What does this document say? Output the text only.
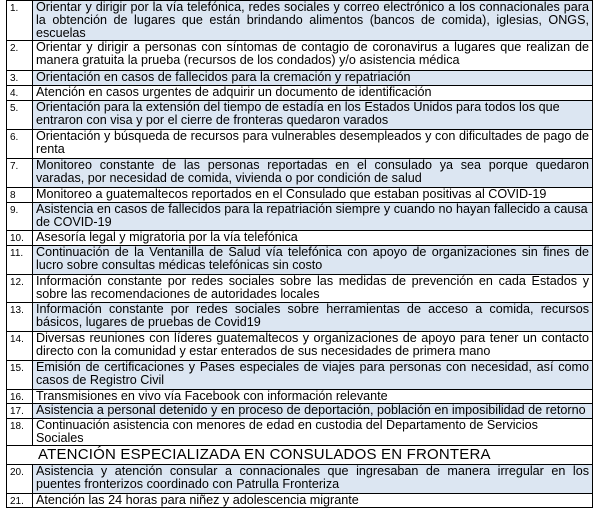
1.	Orientar y dirigir por la vía telefónica, redes sociales y correo electrónico a los connacionales para la obtención de lugares que están brindando alimentos (bancos de comida), iglesias, ONGS, escuelas
2.	Orientar y dirigir a personas con síntomas de contagio de coronavirus a lugares que realizan de manera gratuita la prueba (recursos de los condados) y/o asistencia médica
3.	Orientación en casos de fallecidos para la cremación y repatriación
4.	Atención en casos urgentes de adquirir un documento de identificación
5.	Orientación para la extensión del tiempo de estadía en los Estados Unidos para todos los que entraron con visa y por el cierre de fronteras quedaron varados
6.	Orientación y búsqueda de recursos para vulnerables desempleados y con dificultades de pago de renta
7.	Monitoreo constante de las personas reportadas en el consulado ya sea porque quedaron varadas, por necesidad de comida, vivienda o por condición de salud
8	Monitoreo a guatemaltecos reportados en el Consulado que estaban positivas al COVID-19
9.	Asistencia en casos de fallecidos para la repatriación siempre y cuando no hayan fallecido a causa de COVID-19
10.	Asesoría legal y migratoria por la vía telefónica
11.	Continuación de la Ventanilla de Salud vía telefónica con apoyo de organizaciones sin fines de lucro sobre consultas médicas telefónicas sin costo
12.	Información constante por redes sociales sobre las medidas de prevención en cada Estados y sobre las recomendaciones de autoridades locales
13.	Información constante por redes sociales sobre herramientas de acceso a comida, recursos básicos, lugares de pruebas de Covid19
14.	Diversas reuniones con líderes guatemaltecos y organizaciones de apoyo para tener un contacto directo con la comunidad y estar enterados de sus necesidades de primera mano
15.	Emisión de certificaciones y Pases especiales de viajes para personas con necesidad, así como casos de Registro Civil
16.	Transmisiones en vivo vía Facebook con información relevante
17.	Asistencia a personal detenido y en proceso de deportación, población en imposibilidad de retorno
18.	Continuación asistencia con menores de edad en custodia del Departamento de Servicios Sociales
ATENCIÓN ESPECIALIZADA EN CONSULADOS EN FRONTERA	
20.	Asistencia y atención consular a connacionales que ingresaban de manera irregular en los puentes fronterizos coordinado con Patrulla Fronteriza
21.	Atención las 24 horas para niñez y adolescencia migrante
